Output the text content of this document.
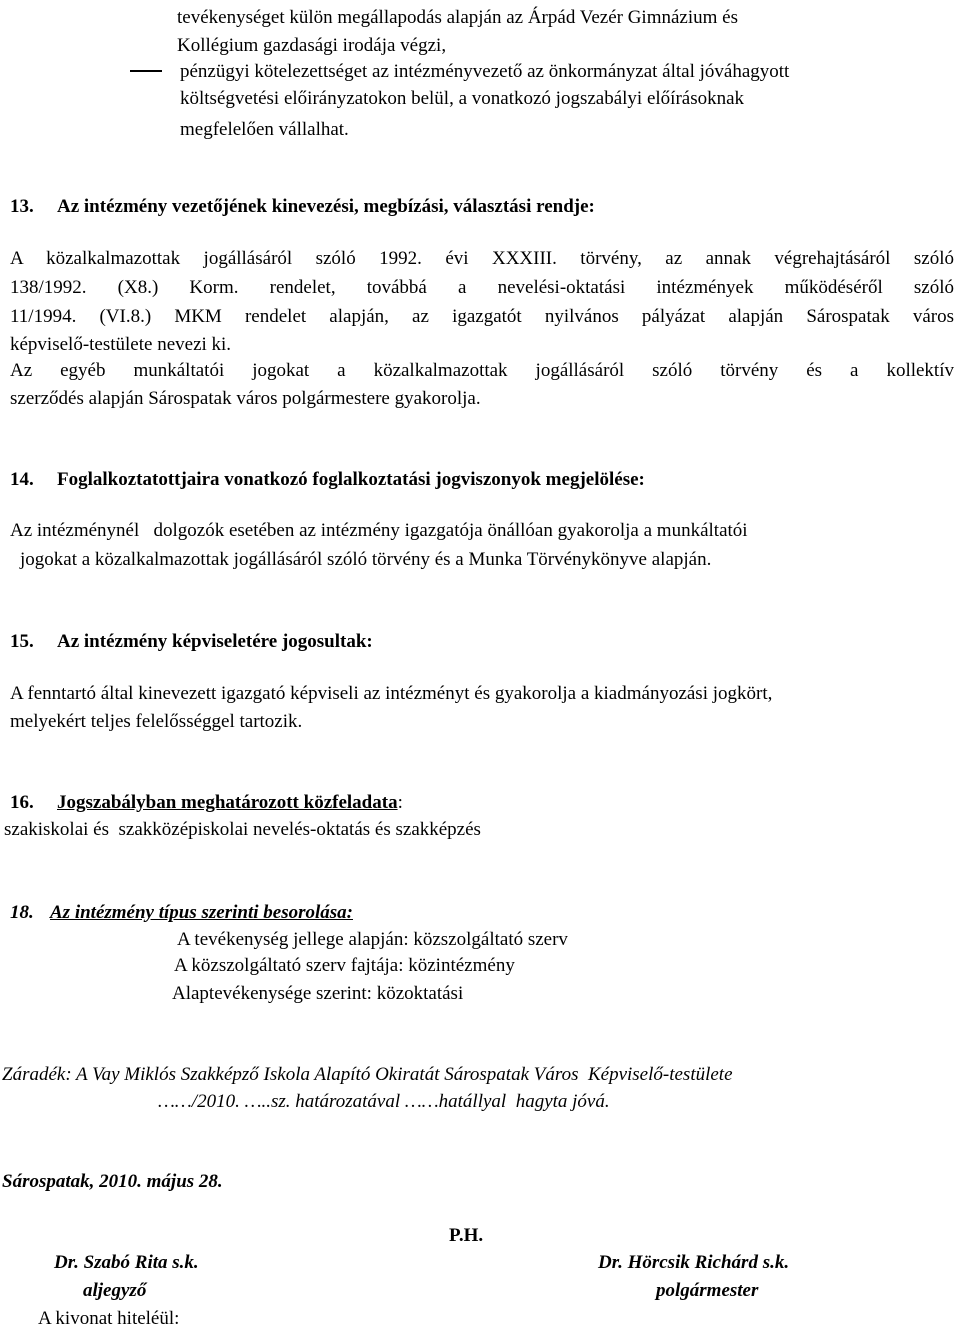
tevékenységet külön megállapodás alapján az Árpád Vezér Gimnázium és

Kollégium gazdasági irodája végzi,

pénzügyi kötelezettséget az intézményvezető az önkormányzat által jóváhagyott

költségvetési előirányzatokon belül, a vonatkozó jogszabályi előírásoknak

megfelelően vállalhat.

13. Az intézmény vezetőjének kinevezési, megbízási, választási rendje:

A közalkalmazottak jogállásáról szóló 1992. évi XXXIII. törvény, az annak végrehajtásáról szóló

138/1992. (X8.) Korm. rendelet, továbbá a nevelési-oktatási intézmények működéséről szóló

11/1994. (VI.8.) MKM rendelet alapján, az igazgatót nyilvános pályázat alapján Sárospatak város

képviselő-testülete nevezi ki.

Az egyéb munkáltatói jogokat a közalkalmazottak jogállásáról szóló törvény és a kollektív

szerződés alapján Sárospatak város polgármestere gyakorolja.

14. Foglalkoztatottjaira vonatkozó foglalkoztatási jogviszonyok megjelölése:

Az intézménynél   dolgozók esetében az intézmény igazgatója önállóan gyakorolja a munkáltatói

jogokat a közalkalmazottak jogállásáról szóló törvény és a Munka Törvénykönyve alapján.

15. Az intézmény képviseletére jogosultak:

A fenntartó által kinevezett igazgató képviseli az intézményt és gyakorolja a kiadmányozási jogkört,

melyekért teljes felelősséggel tartozik.

16. Jogszabályban meghatározott közfeladata:

szakiskolai és  szakközépiskolai nevelés-oktatás és szakképzés

18. Az intézmény típus szerinti besorolása:

A tevékenység jellege alapján: közszolgáltató szerv

A közszolgáltató szerv fajtája: közintézmény

Alaptevékenysége szerint: közoktatási

Záradék: A Vay Miklós Szakképző Iskola Alapító Okiratát Sárospatak Város  Képviselő-testülete

……/2010. …..sz. határozatával ……hatállyal  hagyta jóvá.

Sárospatak, 2010. május 28.

P.H.

Dr. Szabó Rita s.k.

aljegyző

Dr. Hörcsik Richárd s.k.

polgármester

A kivonat hiteléül:
